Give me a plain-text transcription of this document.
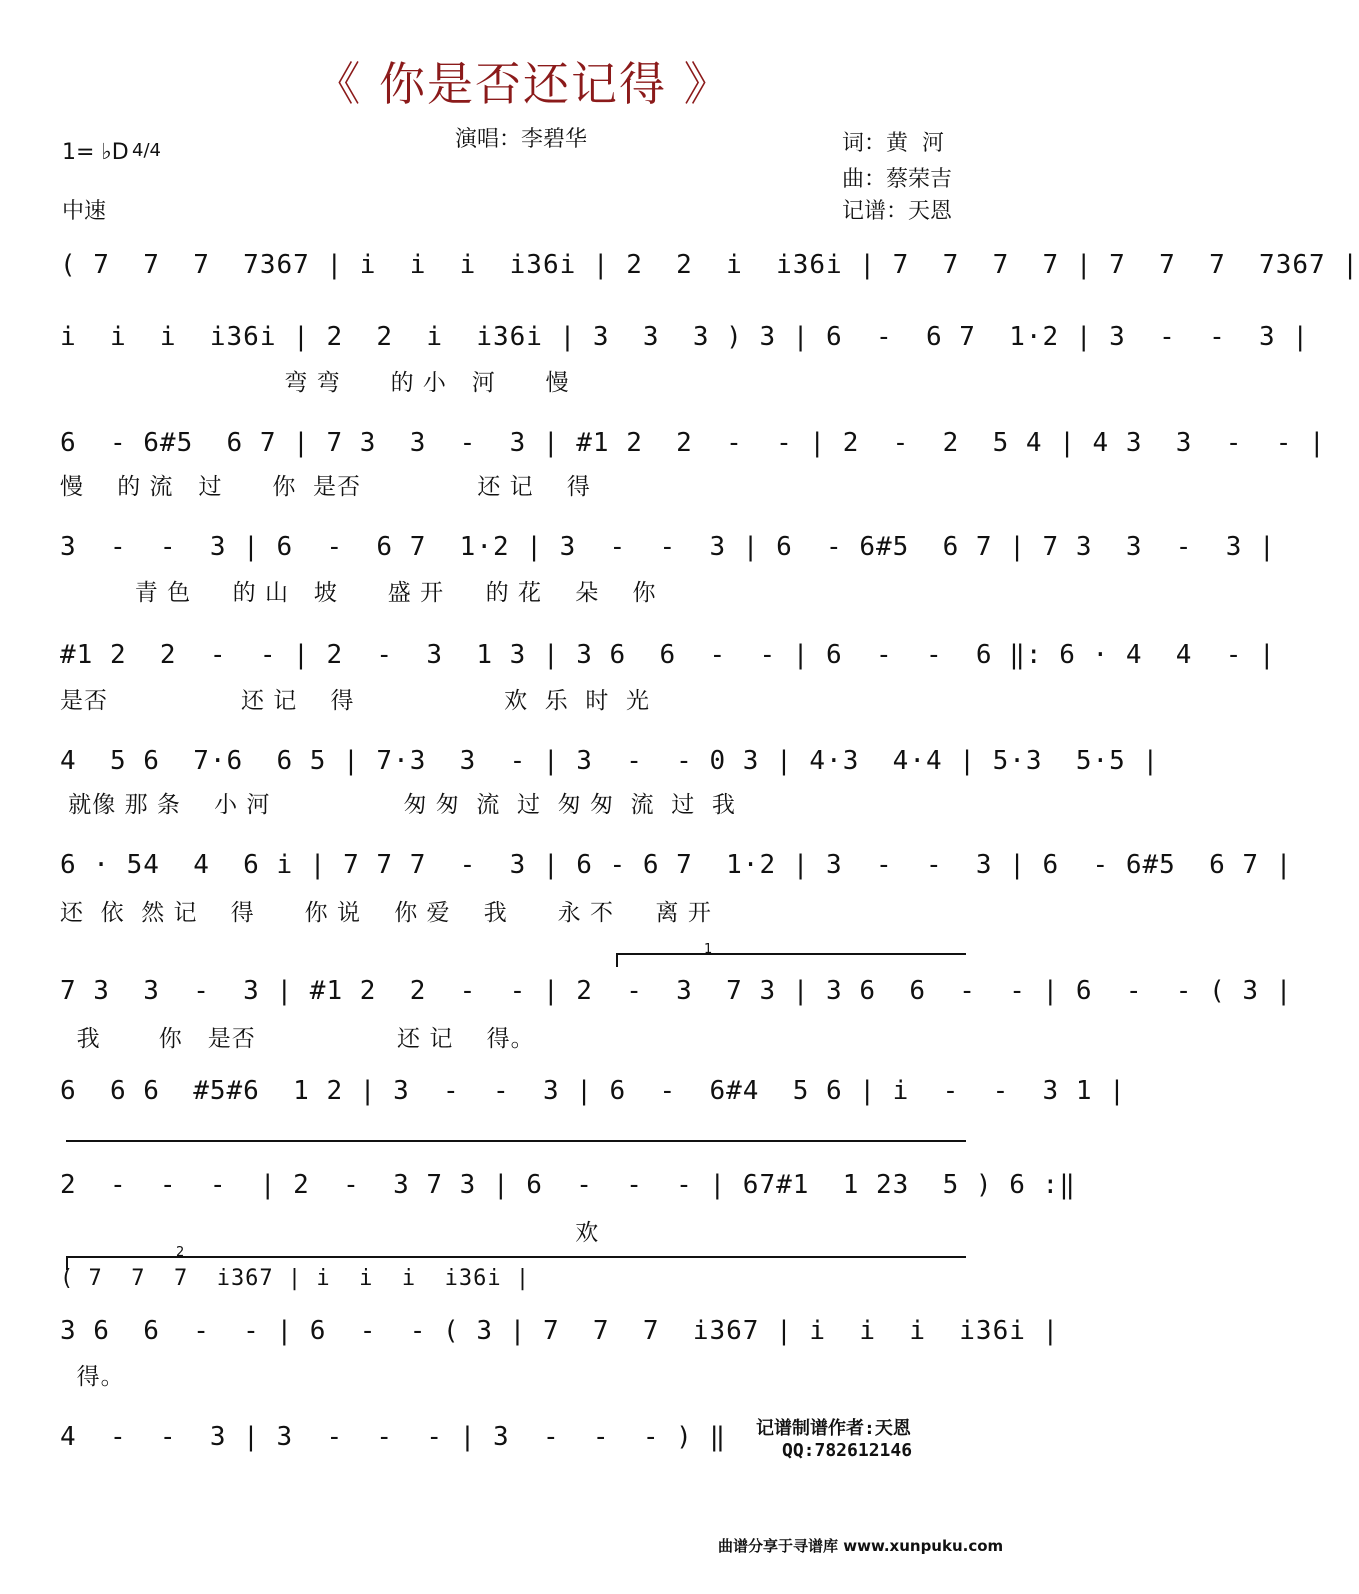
《 你是否还记得 》
1= ♭D 4/4
中速
演唱：李碧华	词：黄  河
曲：蔡荣吉
记谱：天恩
( 7  7  7  7367 | i  i  i  i36i | 2  2  i  i36i | 7  7  7  7 | 7  7  7  7367 |
i  i  i  i36i | 2  2  i  i36i | 3  3  3 ) 3 | 6  -  6 7  1·2 | 3  -  -  3 |
弯 弯      的 小   河      慢
6  - 6#5  6 7 | 7 3  3  -  3 | #1 2  2  -  - | 2  -  2  5 4 | 4 3  3  -  - |
慢    的 流   过      你  是否              还 记    得
3  -  -  3 | 6  -  6 7  1·2 | 3  -  -  3 | 6  - 6#5  6 7 | 7 3  3  -  3 |
青 色     的 山   坡      盛 开     的 花    朵    你
#1 2  2  -  - | 2  -  3  1 3 | 3 6  6  -  - | 6  -  -  6 ‖: 6 · 4  4  - |
是否                还 记    得                  欢  乐  时  光
4  5 6  7·6  6 5 | 7·3  3  - | 3  -  - 0 3 | 4·3  4·4 | 5·3  5·5 |
就像 那 条    小 河                匆 匆  流  过  匆 匆  流  过  我
6 · 54  4  6 i | 7 7 7  -  3 | 6 - 6 7  1·2 | 3  -  -  3 | 6  - 6#5  6 7 |
还  依  然 记    得      你 说    你 爱    我      永 不     离 开
1
7 3  3  -  3 | #1 2  2  -  - | 2  -  3  7 3 | 3 6  6  -  - | 6  -  - ( 3 |
我       你   是否                 还 记    得。
6  6 6  #5#6  1 2 | 3  -  -  3 | 6  -  6#4  5 6 | i  -  -  3 1 |
2  -  -  -  | 2  -  3 7 3 | 6  -  -  - | 67#1  1 23  5 ) 6 :‖
欢
2
( 7  7  7  i367 | i  i  i  i36i |
3 6  6  -  - | 6  -  - ( 3 | 7  7  7  i367 | i  i  i  i36i |
得。
4  -  -  3 | 3  -  -  - | 3  -  -  - ) ‖ 记谱制谱作者:天恩
QQ:782612146
曲谱分享于寻谱库 www.xunpuku.com
